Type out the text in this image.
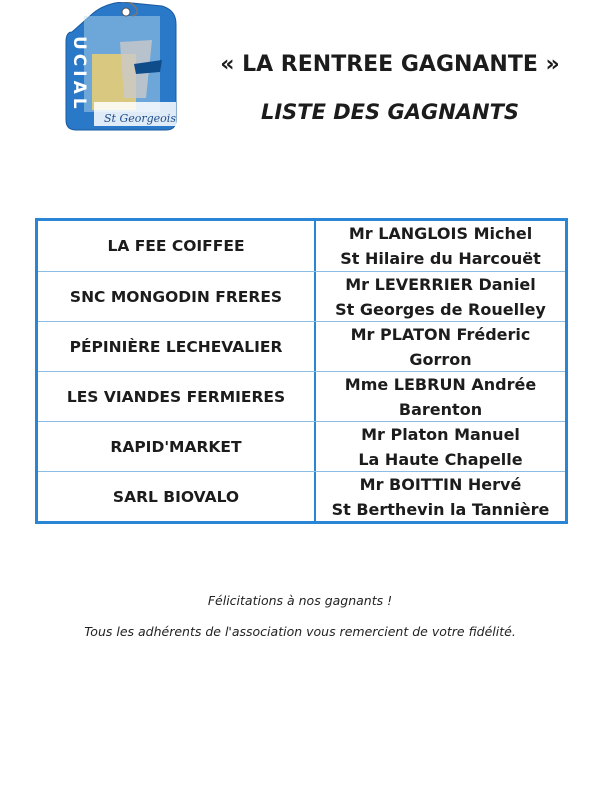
UCIAL
St Georgeois
« LA RENTREE GAGNANTE »
LISTE DES GAGNANTS
LA FEE COIFFEE
Mr LANGLOIS Michel
St Hilaire du Harcouët
SNC MONGODIN FRERES
Mr LEVERRIER Daniel
St Georges de Rouelley
PÉPINIÈRE LECHEVALIER
Mr PLATON Fréderic
Gorron
LES VIANDES FERMIERES
Mme LEBRUN Andrée
Barenton
RAPID'MARKET
Mr Platon Manuel
La Haute Chapelle
SARL BIOVALO
Mr BOITTIN Hervé
St Berthevin la Tannière
Félicitations à nos gagnants !
Tous les adhérents de l'association vous remercient de votre fidélité.
